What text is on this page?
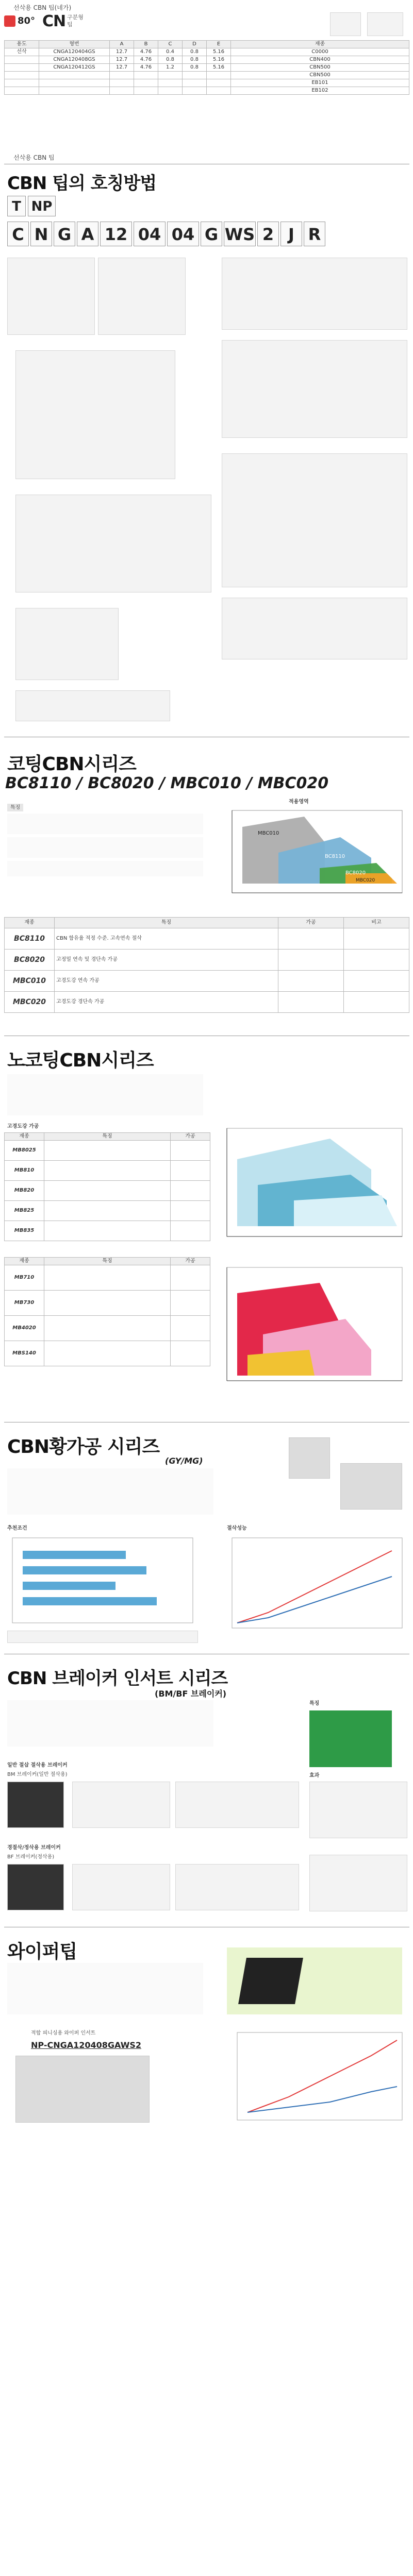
선삭용 CBN 팁(네가)
80° CN 구분형
팁
용도	형번	A	B	C	D	E	재종
선삭	CNGA120404GS	12.7	4.76	0.4	0.8	5.16	C0000
	CNGA120408GS	12.7	4.76	0.8	0.8	5.16	CBN400
	CNGA120412GS	12.7	4.76	1.2	0.8	5.16	CBN500
							CBN500
							EB101
							EB102
선삭용 CBN 팁
CBN 팁의 호칭방법
T NP
C N G A 12 04 04 G WS 2 J R
코팅CBN시리즈
BC8110 / BC8020 / MBC010 / MBC020
특징

적용영역
MBC010
BC8110
BC8020
MBC020
재종	특징	가공	비고
BC8110	CBN 함유율 적정 수준. 고속연속 절삭		
BC8020	고정밀 연속 및 경단속 가공		
MBC010	고경도강 연속 가공		
MBC020	고경도강 경단속 가공		
노코팅CBN시리즈
고경도강 가공
재종	특징	가공
MB8025		
MB810		
MB820		
MB825		
MB835		
재종	특징	가공
MB710		
MB730		
MB4020		
MBS140		
CBN황가공 시리즈
(GY/MG)
추천조건	절삭성능
CBN 브레이커 인서트 시리즈
(BM/BF 브레이커)
특징
효과
일반 절삽 절삭용 브레이커
BM 브레이커(일반 절삭용)
경절삭/정삭용 브레이커
BF 브레이커(정삭용)
와이퍼팁
적합 피니싱용 와이퍼 인서트
NP-CNGA120408GAWS2
